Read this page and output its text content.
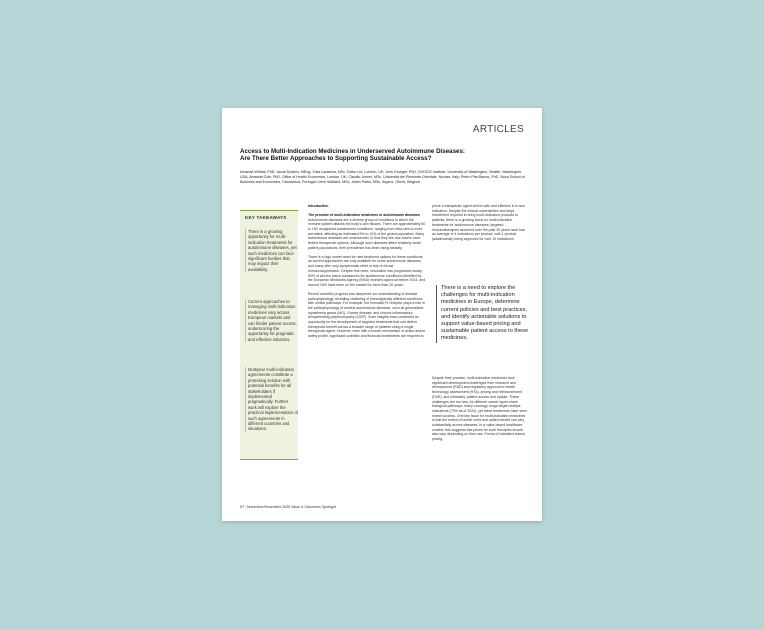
ARTICLES
Access to Multi-Indication Medicines in Underserved Autoimmune Diseases:
Are There Better Approaches to Supporting Sustainable Access?
Amanda Whittal, PhD; Jacob Epstein, MEng; Yulia Lazareva, MSc, Dolon Ltd, London, UK; Jens Grueger, PhD, CHOICE Institute, University of Washington, Seattle, Washington, USA; Amanda Cole, PhD, Office of Health Economics, London, UK; Claudio Jommi, MSc, Università del Piemonte Orientale, Novara, Italy; Pedro Pita Barros, PhD, Nova School of Business and Economics, Carcavelos, Portugal; Lieve Wollaert, MSc, Julien Patris, MSc, Argenx, Ghent, Belgium
KEY TAKEAWAYS
There is a growing opportunity for multi-indication treatments for autoimmune diseases, yet such medicines can face significant hurdles that may impact their availability.
Current approaches to managing multi-indication medicines vary across European markets and can hinder patient access, underscoring the opportunity for pragmatic and effective solutions.
Multiyear multi-indication agreements constitute a promising solution with potential benefits for all stakeholders if implemented pragmatically. Further work will explore the practical implementation of such agreements in different countries and situations.

Introduction

The promise of multi-indication medicines in autoimmune diseases

Autoimmune diseases are a diverse group of conditions in which the immune system attacks the body's own tissues. There are approximately 80 to 150 recognized autoimmune conditions, ranging from ultra-rare to more prevalent, affecting an estimated 5% to 10% of the global population. Many autoimmune diseases are underserved, in that they are rare and/or have limited therapeutic options. Although such diseases affect relatively small patient populations, their prevalence has been rising steadily.

There is a high unmet need for new treatment options for these conditions, as current approaches are only available for some autoimmune diseases, and many offer only symptomatic relief or rely on broad immunosuppression. Despite this need, innovation has progressed slowly; 50% of all new active substances for autoimmune conditions identified by the European Medicines Agency (EMA) received approval before 2014, and around 16% have been on the market for more than 20 years.

Recent scientific progress has deepened our understanding of disease pathophysiology, revealing clustering of phenotypically different conditions with similar pathways. For example, the neonatal Fc receptor plays a role in the pathophysiology of several autoimmune diseases, such as generalized myasthenia gravis (MG), Graves disease, and chronic inflammatory demyelinating polyneuropathy (CIDP). Such insights have presented an opportunity for the development of targeted treatments that can deliver therapeutic benefit across a broader range of patients using a single therapeutic agent. However, even with a known mechanism of action and/or safety profile, significant scientific and financial investments are required to

prove a therapeutic agent will be safe and effective in a new indication. Despite the clinical uncertainties and large investment required to bring multi-indication products to patients, there is a growing focus on multi-indication treatments for autoimmune diseases; targeted immunotherapies launched over the past 25 years have had an average of 4 indications per product, with 1 product (adalimumab) being approved for over 10 indications.

There is a need to explore the challenges for multi-indication medicines in Europe, determine current policies and best practices, and identify actionable solutions to support value-based pricing and sustainable patient access to these medicines.

Despite their promise, multi-indication medicines face significant development challenges from research and development (R&D) and regulatory approval to health technology assessment (HTA), pricing and reimbursement (P&R), and ultimately, patient access and uptake. These challenges are not new. As different cancer types share biological pathways, many oncology drugs target multiple indications (79% as of 2020), yet these treatments have seen mixed success. One key issue for multi-indication medicines is that the extent of unmet need and added benefit can vary substantially across diseases. In a value-based healthcare context, this suggests that prices for such therapies should also vary depending on their use. Forms of indication-based pricing

57 | November/December 2025 Value & Outcomes Spotlight
